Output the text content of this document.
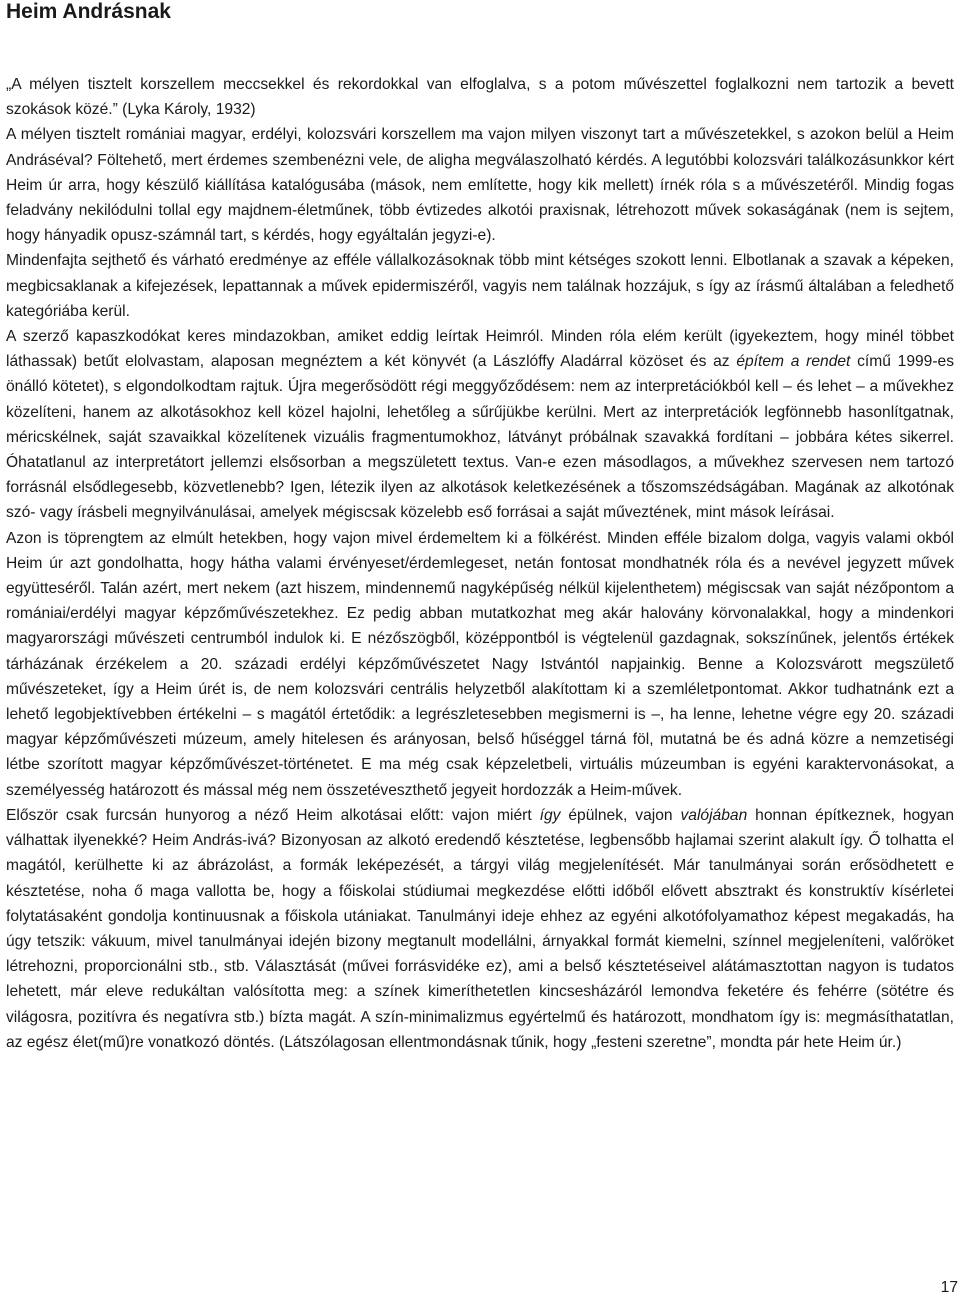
Heim Andrásnak

„A mélyen tisztelt korszellem meccsekkel és rekordokkal van elfoglalva, s a potom művészettel foglalkozni nem tartozik a bevett szokások közé.” (Lyka Károly, 1932)

A mélyen tisztelt romániai magyar, erdélyi, kolozsvári korszellem ma vajon milyen viszonyt tart a művészetekkel, s azokon belül a Heim Andráséval? Föltehető, mert érdemes szembenézni vele, de aligha megválaszolható kérdés. A legutóbbi kolozsvári találkozásunkkor kért Heim úr arra, hogy készülő kiállítása katalógusába (mások, nem említette, hogy kik mellett) írnék róla s a művészetéről. Mindig fogas feladvány nekilódulni tollal egy majdnem-életműnek, több évtizedes alkotói praxisnak, létrehozott művek sokaságának (nem is sejtem, hogy hányadik opusz-számnál tart, s kérdés, hogy egyáltalán jegyzi-e).

Mindenfajta sejthető és várható eredménye az efféle vállalkozásoknak több mint kétséges szokott lenni. Elbotlanak a szavak a képeken, megbicsaklanak a kifejezések, lepattannak a művek epidermiszéről, vagyis nem találnak hozzájuk, s így az írásmű általában a feledhető kategóriába kerül.

A szerző kapaszkodókat keres mindazokban, amiket eddig leírtak Heimról. Minden róla elém került (igyekeztem, hogy minél többet láthassak) betűt elolvastam, alaposan megnéztem a két könyvét (a Lászlóffy Aladárral közöset és az építem a rendet című 1999-es önálló kötetet), s elgondolkodtam rajtuk. Újra megerősödött régi meggyőződésem: nem az interpretációkból kell – és lehet – a művekhez közelíteni, hanem az alkotásokhoz kell közel hajolni, lehetőleg a sűrűjükbe kerülni. Mert az interpretációk legfönnebb hasonlítgatnak, méricskélnek, saját szavaikkal közelítenek vizuális fragmentumokhoz, látványt próbálnak szavakká fordítani – jobbára kétes sikerrel. Óhatatlanul az interpretátort jellemzi elsősorban a megszületett textus. Van-e ezen másodlagos, a művekhez szervesen nem tartozó forrásnál elsődlegesebb, közvetlenebb? Igen, létezik ilyen az alkotások keletkezésének a tőszomszédságában. Magának az alkotónak szó- vagy írásbeli megnyilvánulásai, amelyek mégiscsak közelebb eső forrásai a saját műveztének, mint mások leírásai.

Azon is töprengtem az elmúlt hetekben, hogy vajon mivel érdemeltem ki a fölkérést. Minden efféle bizalom dolga, vagyis valami okból Heim úr azt gondolhatta, hogy hátha valami érvényeset/érdemlegeset, netán fontosat mondhatnék róla és a nevével jegyzett művek együtteséről. Talán azért, mert nekem (azt hiszem, mindennemű nagyképűség nélkül kijelenthetem) mégiscsak van saját nézőpontom a romániai/erdélyi magyar képzőművészetekhez. Ez pedig abban mutatkozhat meg akár halovány körvonalakkal, hogy a mindenkori magyarországi művészeti centrumból indulok ki. E nézőszögből, középpontból is végtelenül gazdagnak, sokszínűnek, jelentős értékek tárházának érzékelem a 20. századi erdélyi képzőművészetet Nagy Istvántól napjainkig. Benne a Kolozsvárott megszülető művészeteket, így a Heim úrét is, de nem kolozsvári centrális helyzetből alakítottam ki a szemléletpontomat. Akkor tudhatnánk ezt a lehető legobjektívebben értékelni – s magától értetődik: a legrészletesebben megismerni is –, ha lenne, lehetne végre egy 20. századi magyar képzőművészeti múzeum, amely hitelesen és arányosan, belső hűséggel tárná föl, mutatná be és adná közre a nemzetiségi létbe szorított magyar képzőművészet-történetet. E ma még csak képzeletbeli, virtuális múzeumban is egyéni karaktervonásokat, a személyesség határozott és mással még nem összetéveszthető jegyeit hordozzák a Heim-művek.

Először csak furcsán hunyorog a néző Heim alkotásai előtt: vajon miért így épülnek, vajon valójában honnan építkeznek, hogyan válhattak ilyenekké? Heim András-ivá? Bizonyosan az alkotó eredendő késztetése, legbensőbb hajlamai szerint alakult így. Ő tolhatta el magától, kerülhette ki az ábrázolást, a formák leképezését, a tárgyi világ megjelenítését. Már tanulmányai során erősödhetett e késztetése, noha ő maga vallotta be, hogy a főiskolai stúdiumai megkezdése előtti időből elővett absztrakt és konstruktív kísérletei folytatásaként gondolja kontinuusnak a főiskola utániakat. Tanulmányi ideje ehhez az egyéni alkotófolyamathoz képest megakadás, ha úgy tetszik: vákuum, mivel tanulmányai idején bizony megtanult modellálni, árnyakkal formát kiemelni, színnel megjeleníteni, valőröket létrehozni, proporcionálni stb., stb. Választását (művei forrásvidéke ez), ami a belső késztetéseivel alátámasztottan nagyon is tudatos lehetett, már eleve redukáltan valósította meg: a színek kimeríthetetlen kincsesházáról lemondva feketére és fehérre (sötétre és világosra, pozitívra és negatívra stb.) bízta magát. A szín-minimalizmus egyértelmű és határozott, mondhatom így is: megmásíthatatlan, az egész élet(mű)re vonatkozó döntés. (Látszólagosan ellentmondásnak tűnik, hogy „festeni szeretne”, mondta pár hete Heim úr.)

17
